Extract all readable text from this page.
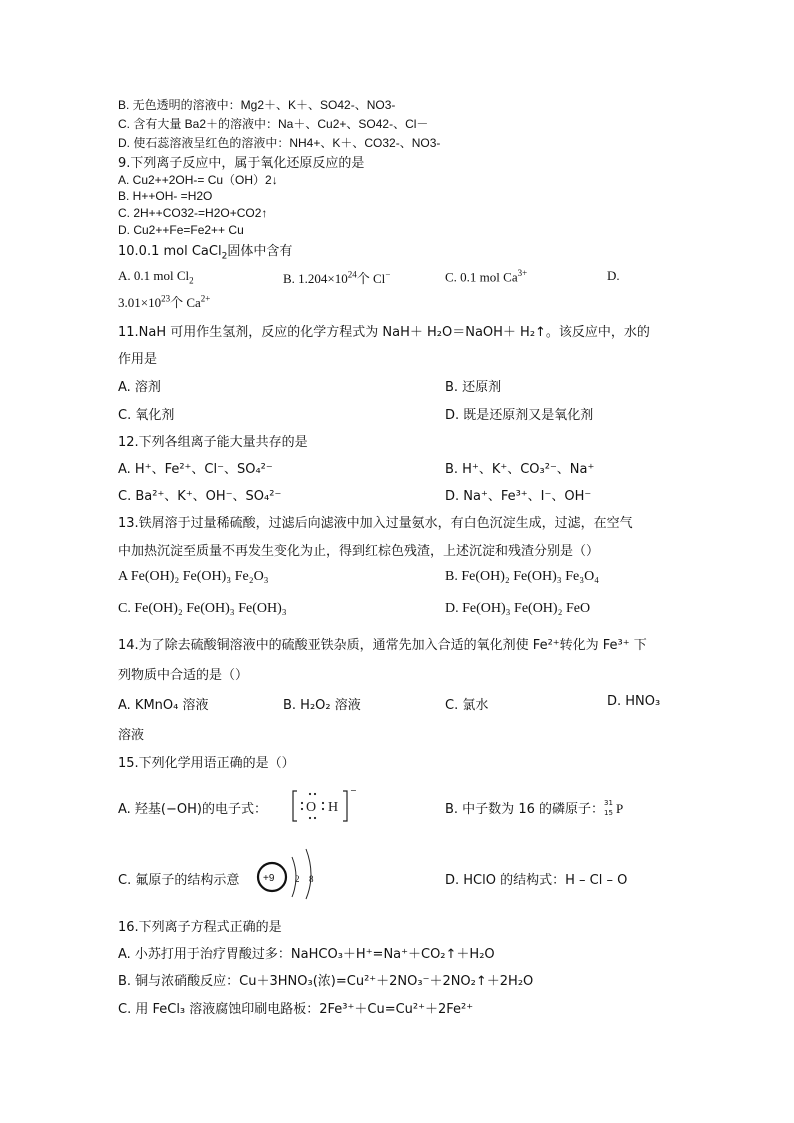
B. 无色透明的溶液中：Mg2＋、K＋、SO42-、NO3-
C. 含有大量 Ba2＋的溶液中：Na＋、Cu2+、SO42-、Cl－
D. 使石蕊溶液呈红色的溶液中：NH4+、K＋、CO32-、NO3-
9.下列离子反应中，属于氧化还原反应的是
A. Cu2++2OH-= Cu（OH）2↓
B. H++OH- =H2O
C. 2H++CO32-=H2O+CO2↑
D. Cu2++Fe=Fe2++ Cu
10.0.1 mol CaCl$_2$固体中含有
A. 0.1 mol $Cl_2$	B. $1.204\times 10^{24}$个 Cl−	C. 0.1 mol $Ca^{3+}$	D.
$3.01\times 10^{23}$个 $Ca^{2+}$
11.NaH 可用作生氢剂，反应的化学方程式为 NaH＋ H₂O＝NaOH＋ H₂↑。该反应中，水的
作用是
A. 溶剂	B. 还原剂
C. 氧化剂	D. 既是还原剂又是氧化剂
12.下列各组离子能大量共存的是
A. H⁺、Fe²⁺、Cl⁻、SO₄²⁻	B. H⁺、K⁺、CO₃²⁻、Na⁺
C. Ba²⁺、K⁺、OH⁻、SO₄²⁻	D. Na⁺、Fe³⁺、I⁻、OH⁻
13.铁屑溶于过量稀硫酸，过滤后向滤液中加入过量氨水，有白色沉淀生成，过滤，在空气
中加热沉淀至质量不再发生变化为止，得到红棕色残渣，上述沉淀和残渣分别是（）
A Fe(OH)₂ Fe(OH)₃ Fe₂O₃	B. Fe(OH)₂ Fe(OH)₃ Fe₃O₄
C. Fe(OH)₂ Fe(OH)₃ Fe(OH)₃	D. Fe(OH)₃ Fe(OH)₂ FeO
14.为了除去硫酸铜溶液中的硫酸亚铁杂质，通常先加入合适的氧化剂使 Fe²⁺转化为 Fe³⁺ 下
列物质中合适的是（）
A. KMnO₄ 溶液	B. H₂O₂ 溶液	C. 氯水	D. HNO₃
溶液
15.下列化学用语正确的是（）
A. 羟基(−OH)的电子式：
−
O H	B. 中子数为 16 的磷原子： 31
15 P
C. 氟原子的结构示意 +9 2 8	D. HClO 的结构式：H – Cl – O
16.下列离子方程式正确的是
A. 小苏打用于治疗胃酸过多：NaHCO₃＋H⁺=Na⁺＋CO₂↑＋H₂O
B. 铜与浓硝酸反应：Cu＋3HNO₃(浓)=Cu²⁺＋2NO₃⁻＋2NO₂↑＋2H₂O
C. 用 FeCl₃ 溶液腐蚀印刷电路板：2Fe³⁺＋Cu=Cu²⁺＋2Fe²⁺
